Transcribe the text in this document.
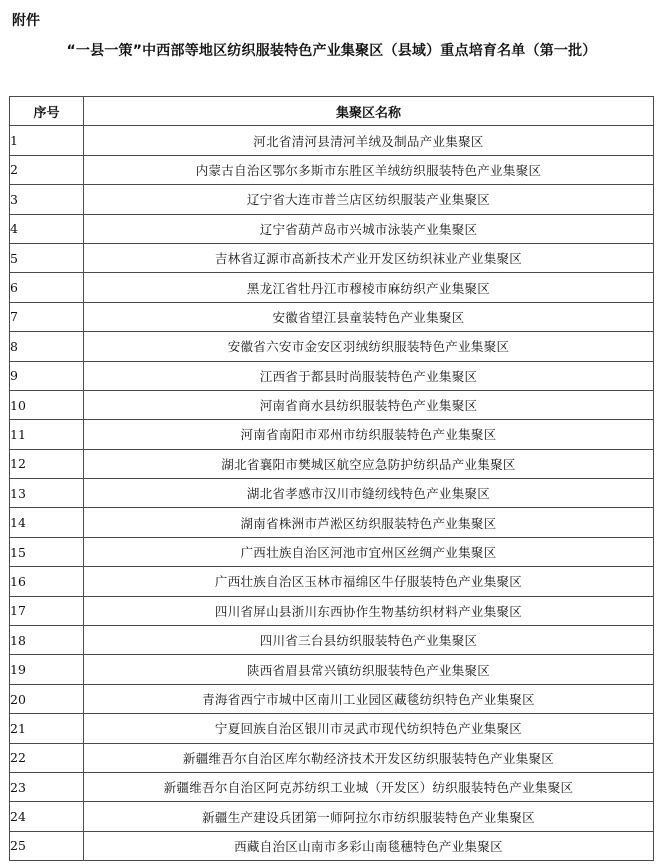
附件
“一县一策”中西部等地区纺织服装特色产业集聚区（县域）重点培育名单（第一批）
序号	集聚区名称
1	河北省清河县清河羊绒及制品产业集聚区
2	内蒙古自治区鄂尔多斯市东胜区羊绒纺织服装特色产业集聚区
3	辽宁省大连市普兰店区纺织服装产业集聚区
4	辽宁省葫芦岛市兴城市泳装产业集聚区
5	吉林省辽源市高新技术产业开发区纺织袜业产业集聚区
6	黑龙江省牡丹江市穆棱市麻纺织产业集聚区
7	安徽省望江县童装特色产业集聚区
8	安徽省六安市金安区羽绒纺织服装特色产业集聚区
9	江西省于都县时尚服装特色产业集聚区
10	河南省商水县纺织服装特色产业集聚区
11	河南省南阳市邓州市纺织服装特色产业集聚区
12	湖北省襄阳市樊城区航空应急防护纺织品产业集聚区
13	湖北省孝感市汉川市缝纫线特色产业集聚区
14	湖南省株洲市芦淞区纺织服装特色产业集聚区
15	广西壮族自治区河池市宜州区丝绸产业集聚区
16	广西壮族自治区玉林市福绵区牛仔服装特色产业集聚区
17	四川省屏山县浙川东西协作生物基纺织材料产业集聚区
18	四川省三台县纺织服装特色产业集聚区
19	陕西省眉县常兴镇纺织服装特色产业集聚区
20	青海省西宁市城中区南川工业园区藏毯纺织特色产业集聚区
21	宁夏回族自治区银川市灵武市现代纺织特色产业集聚区
22	新疆维吾尔自治区库尔勒经济技术开发区纺织服装特色产业集聚区
23	新疆维吾尔自治区阿克苏纺织工业城（开发区）纺织服装特色产业集聚区
24	新疆生产建设兵团第一师阿拉尔市纺织服装特色产业集聚区
25	西藏自治区山南市多彩山南毯穗特色产业集聚区
